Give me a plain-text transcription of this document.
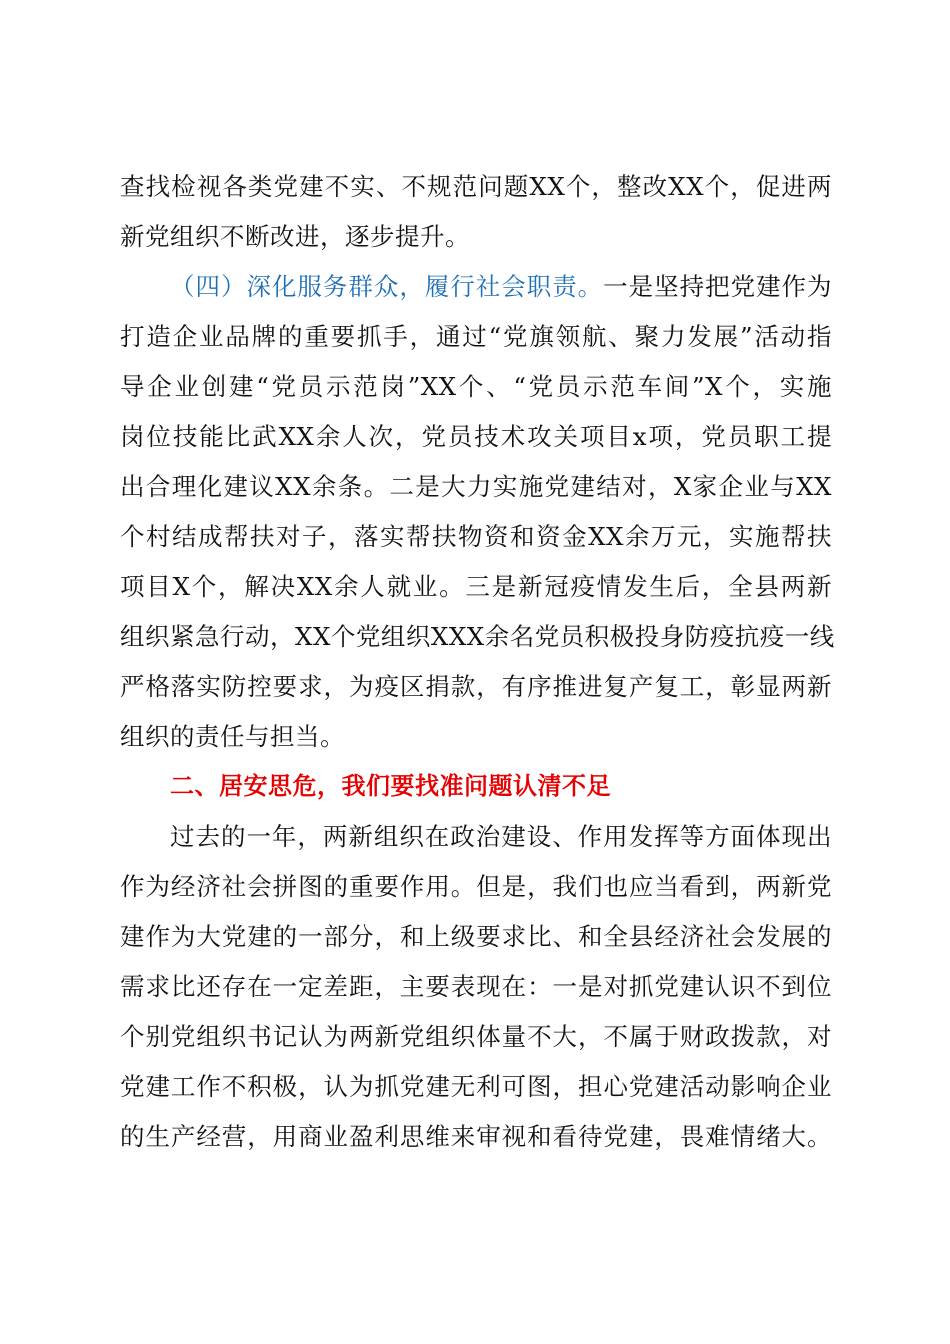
查找检视各类党建不实、不规范问题XX个，整改XX个，促进两
新党组织不断改进，逐步提升。
（四）深化服务群众，履行社会职责。一是坚持把党建作为
打造企业品牌的重要抓手，通过“党旗领航、聚力发展”活动指
导企业创建“党员示范岗”XX个、“党员示范车间”X个，实施
岗位技能比武XX余人次，党员技术攻关项目x项，党员职工提
出合理化建议XX余条。二是大力实施党建结对，X家企业与XX
个村结成帮扶对子，落实帮扶物资和资金XX余万元，实施帮扶
项目X个，解决XX余人就业。三是新冠疫情发生后，全县两新
组织紧急行动，XX个党组织XXX余名党员积极投身防疫抗疫一线
严格落实防控要求，为疫区捐款，有序推进复产复工，彰显两新
组织的责任与担当。
二、居安思危，我们要找准问题认清不足
过去的一年，两新组织在政治建设、作用发挥等方面体现出
作为经济社会拼图的重要作用。但是，我们也应当看到，两新党
建作为大党建的一部分，和上级要求比、和全县经济社会发展的
需求比还存在一定差距，主要表现在：一是对抓党建认识不到位
个别党组织书记认为两新党组织体量不大，不属于财政拨款，对
党建工作不积极，认为抓党建无利可图，担心党建活动影响企业
的生产经营，用商业盈利思维来审视和看待党建，畏难情绪大。
